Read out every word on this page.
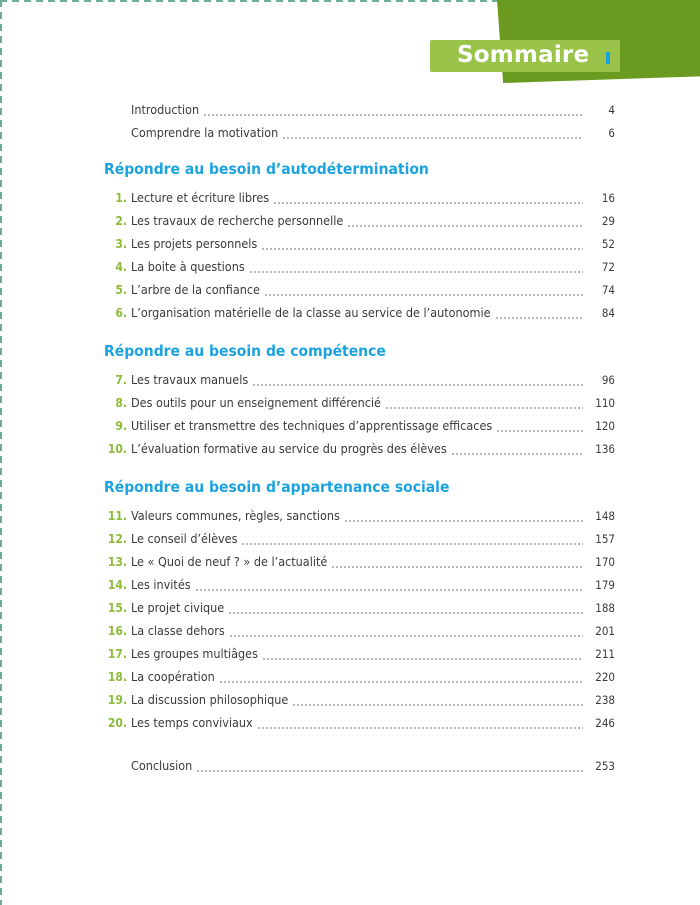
Sommaire
Introduction	4
Comprendre la motivation	6
Répondre au besoin d’autodétermination
1. Lecture et écriture libres	16
2. Les travaux de recherche personnelle	29
3. Les projets personnels	52
4. La boite à questions	72
5. L’arbre de la confiance	74
6. L’organisation matérielle de la classe au service de l’autonomie	84
Répondre au besoin de compétence
7. Les travaux manuels	96
8. Des outils pour un enseignement différencié	110
9. Utiliser et transmettre des techniques d’apprentissage efficaces	120
10. L’évaluation formative au service du progrès des élèves	136
Répondre au besoin d’appartenance sociale
11. Valeurs communes, règles, sanctions	148
12. Le conseil d’élèves	157
13. Le « Quoi de neuf ? » de l’actualité	170
14. Les invités	179
15. Le projet civique	188
16. La classe dehors	201
17. Les groupes multiâges	211
18. La coopération	220
19. La discussion philosophique	238
20. Les temps conviviaux	246
Conclusion	253
